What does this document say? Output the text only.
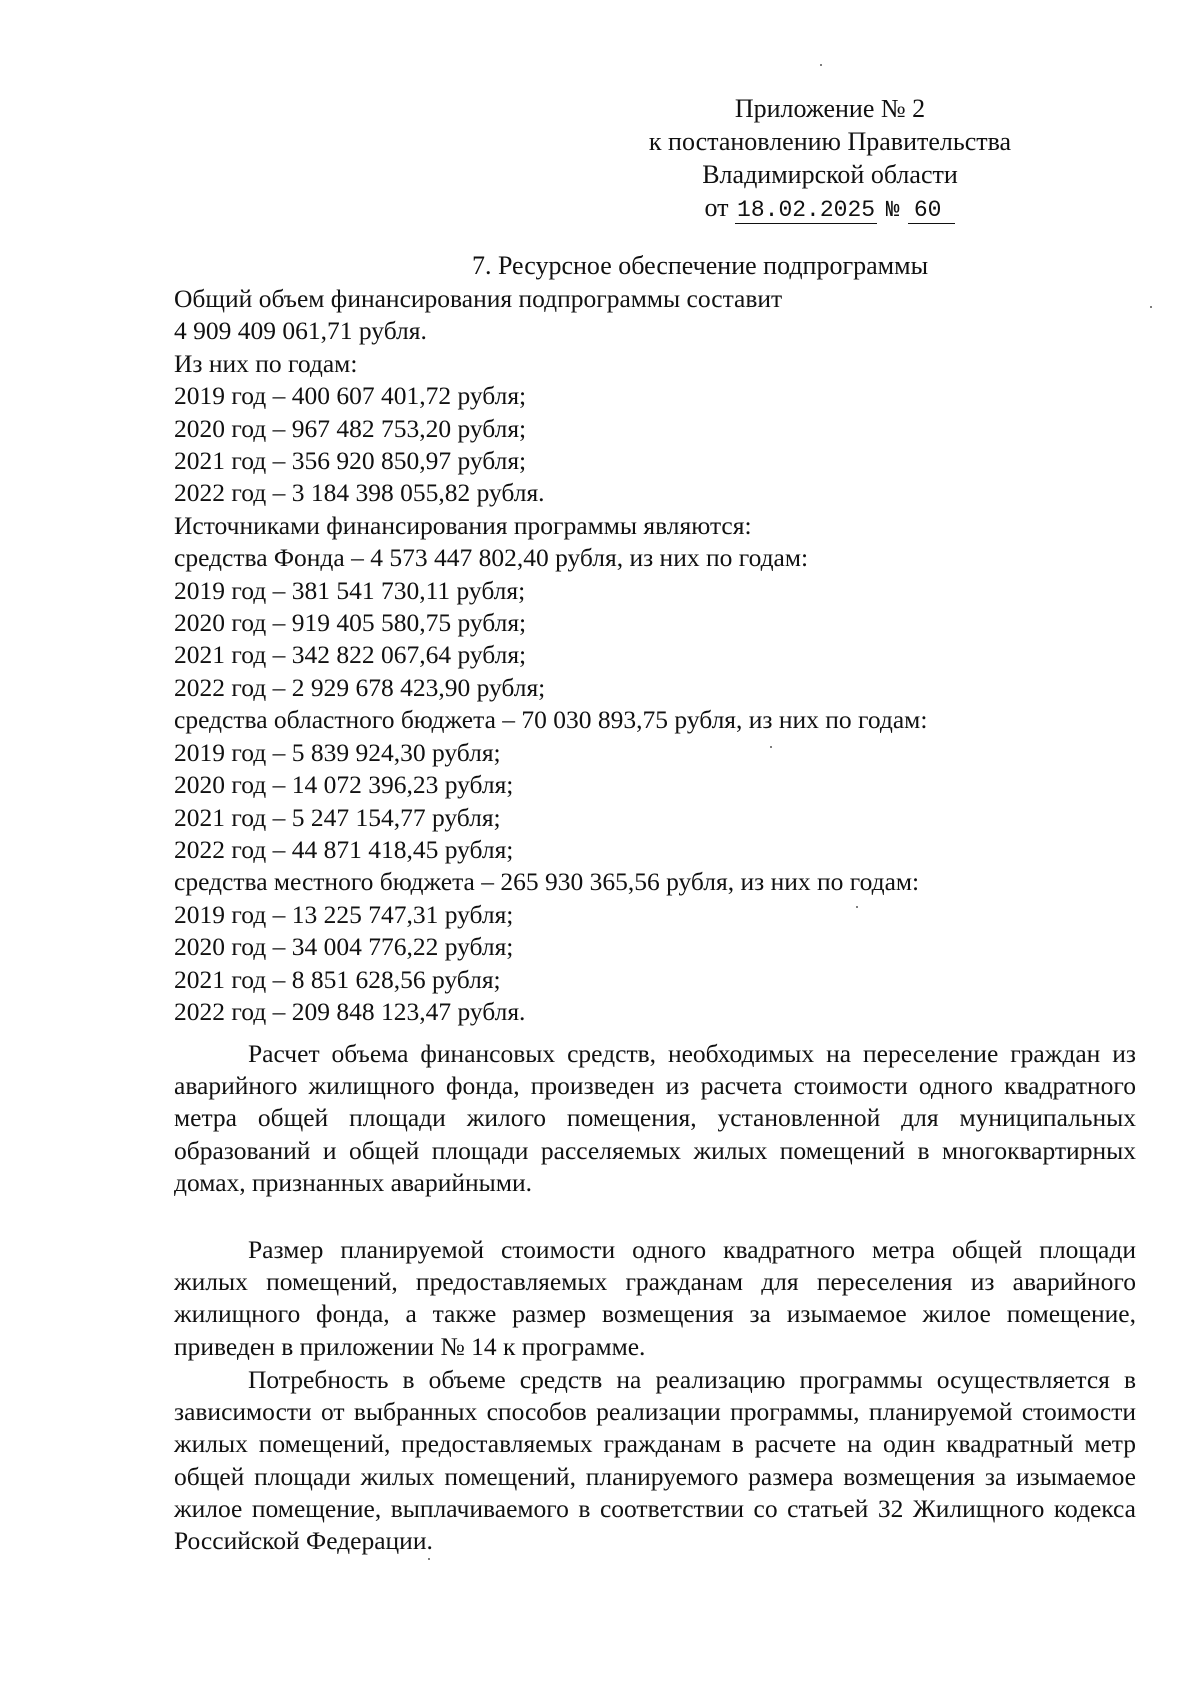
Приложение № 2
к постановлению Правительства
Владимирской области
от 18.02.2025 № 60
7. Ресурсное обеспечение подпрограммы
Общий объем финансирования подпрограммы составит
4 909 409 061,71 рубля.
Из них по годам:
2019 год – 400 607 401,72 рубля;
2020 год – 967 482 753,20 рубля;
2021 год – 356 920 850,97 рубля;
2022 год – 3 184 398 055,82 рубля.
Источниками финансирования программы являются:
средства Фонда – 4 573 447 802,40 рубля, из них по годам:
2019 год – 381 541 730,11 рубля;
2020 год – 919 405 580,75 рубля;
2021 год – 342 822 067,64 рубля;
2022 год – 2 929 678 423,90 рубля;
средства областного бюджета – 70 030 893,75 рубля, из них по годам:
2019 год – 5 839 924,30 рубля;
2020 год – 14 072 396,23 рубля;
2021 год – 5 247 154,77 рубля;
2022 год – 44 871 418,45 рубля;
средства местного бюджета – 265 930 365,56 рубля, из них по годам:
2019 год – 13 225 747,31 рубля;
2020 год – 34 004 776,22 рубля;
2021 год – 8 851 628,56 рубля;
2022 год – 209 848 123,47 рубля.
Расчет объема финансовых средств, необходимых на переселение граждан из аварийного жилищного фонда, произведен из расчета стоимости одного квадратного метра общей площади жилого помещения, установленной для муниципальных образований и общей площади расселяемых жилых помещений в многоквартирных домах, признанных аварийными.
Размер планируемой стоимости одного квадратного метра общей площади жилых помещений, предоставляемых гражданам для переселения из аварийного жилищного фонда, а также размер возмещения за изымаемое жилое помещение, приведен в приложении № 14 к программе.
Потребность в объеме средств на реализацию программы осуществляется в зависимости от выбранных способов реализации программы, планируемой стоимости жилых помещений, предоставляемых гражданам в расчете на один квадратный метр общей площади жилых помещений, планируемого размера возмещения за изымаемое жилое помещение, выплачиваемого в соответствии со статьей 32 Жилищного кодекса Российской Федерации.
